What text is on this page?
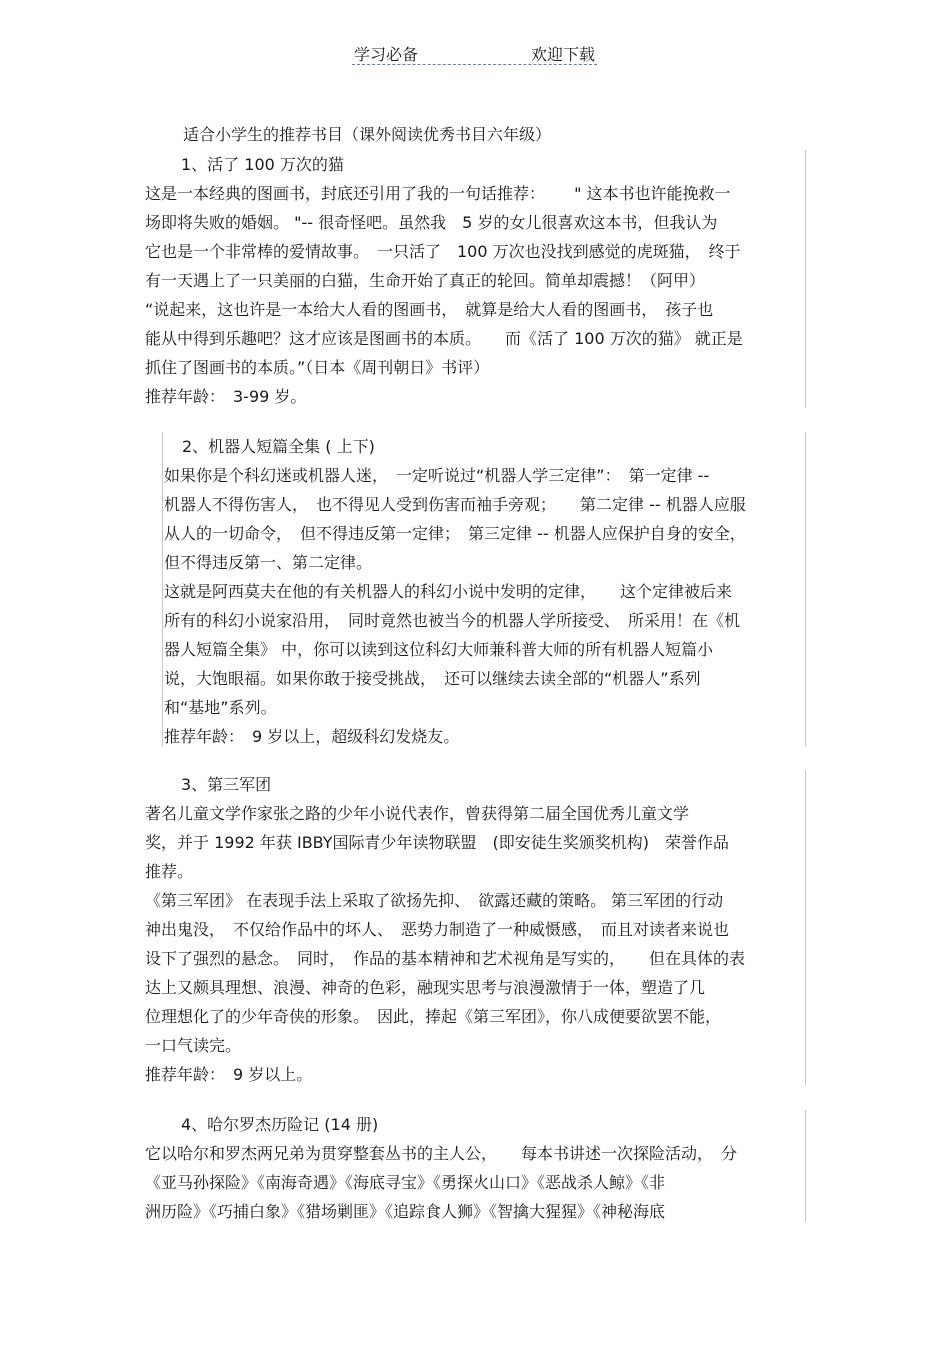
学习必备	欢迎下载
适合小学生的推荐书目（课外阅读优秀书目六年级）
1、活了 100 万次的猫
这是一本经典的图画书，封底还引用了我的一句话推荐：　　 " 这本书也许能挽救一
场即将失败的婚姻。 "-- 很奇怪吧。虽然我　5 岁的女儿很喜欢这本书，但我认为
它也是一个非常棒的爱情故事。　一只活了　100 万次也没找到感觉的虎斑猫，　终于
有一天遇上了一只美丽的白猫，生命开始了真正的轮回。简单却震撼！（阿甲）
“说起来，这也许是一本给大人看的图画书，　就算是给大人看的图画书，　孩子也
能从中得到乐趣吧？这才应该是图画书的本质。　　而《活了 100 万次的猫》 就正是
抓住了图画书的本质。”（日本《周刊朝日》书评）
推荐年龄：　3-99 岁。
2、机器人短篇全集 ( 上下)
如果你是个科幻迷或机器人迷，　一定听说过“机器人学三定律”：　第一定律 --
机器人不得伤害人，　也不得见人受到伤害而袖手旁观；　　第二定律 -- 机器人应服
从人的一切命令，　但不得违反第一定律；　第三定律 -- 机器人应保护自身的安全，
但不得违反第一、第二定律。
这就是阿西莫夫在他的有关机器人的科幻小说中发明的定律，　　这个定律被后来
所有的科幻小说家沿用，　同时竟然也被当今的机器人学所接受、　所采用！在《机
器人短篇全集》 中，你可以读到这位科幻大师兼科普大师的所有机器人短篇小
说，大饱眼福。如果你敢于接受挑战，　还可以继续去读全部的“机器人”系列
和“基地”系列。
推荐年龄：　9 岁以上，超级科幻发烧友。
3、第三军团
著名儿童文学作家张之路的少年小说代表作，曾获得第二届全国优秀儿童文学
奖，并于 1992 年获 IBBY国际青少年读物联盟　(即安徒生奖颁奖机构)　荣誉作品
推荐。
《第三军团》 在表现手法上采取了欲扬先抑、　欲露还藏的策略。 第三军团的行动
神出鬼没，　不仅给作品中的坏人、　恶势力制造了一种威慑感，　而且对读者来说也
设下了强烈的悬念。　同时，　作品的基本精神和艺术视角是写实的，　　但在具体的表
达上又颇具理想、浪漫、神奇的色彩，融现实思考与浪漫激情于一体，塑造了几
位理想化了的少年奇侠的形象。　因此，捧起《第三军团》，你八成便要欲罢不能，
一口气读完。
推荐年龄：　9 岁以上。
4、哈尔罗杰历险记 (14 册)
它以哈尔和罗杰两兄弟为贯穿整套丛书的主人公，　　每本书讲述一次探险活动，　分
《亚马孙探险》《南海奇遇》《海底寻宝》《勇探火山口》《恶战杀人鲸》《非
洲历险》《巧捕白象》《猎场剿匪》《追踪食人狮》《智擒大猩猩》《神秘海底
